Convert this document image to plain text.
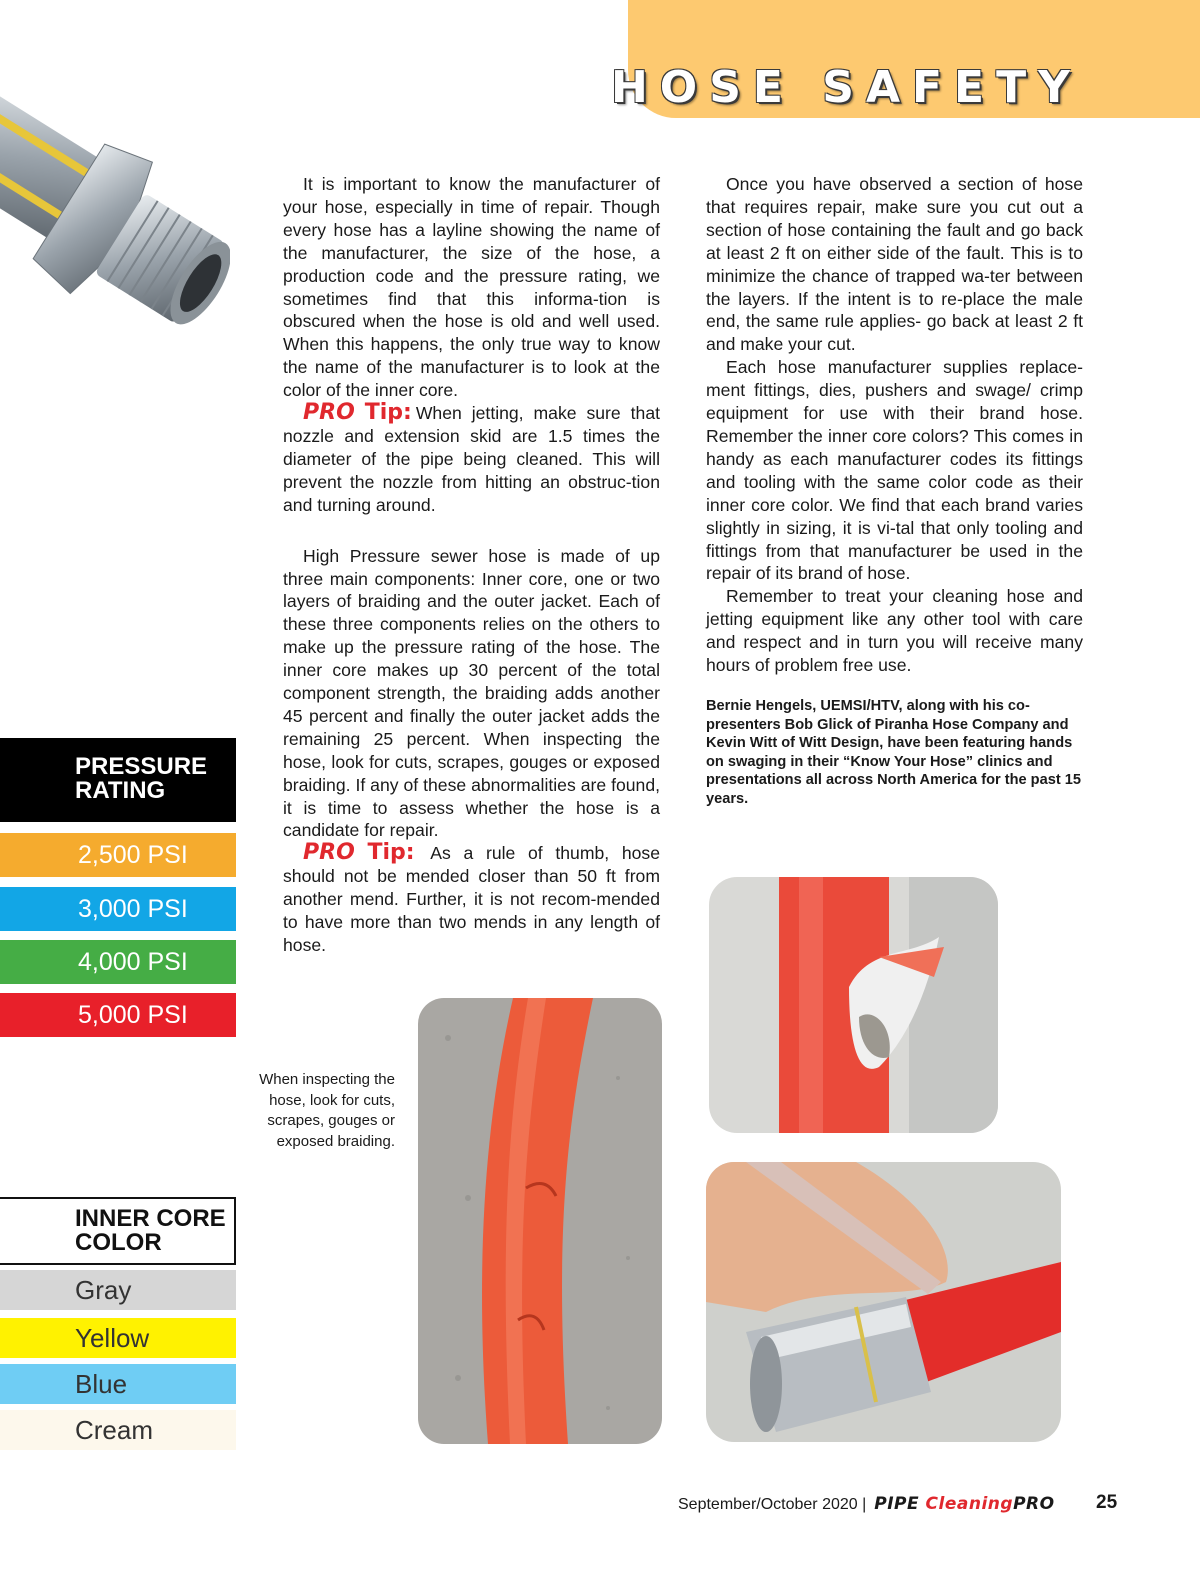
HOSE SAFETY

It is important to know the manufacturer of your hose, especially in time of repair. Though every hose has a layline showing the name of the manufacturer, the size of the hose, a production code and the pressure rating, we sometimes find that this informa-tion is obscured when the hose is old and well used. When this happens, the only true way to know the name of the manufacturer is to look at the color of the inner core.

PRO Tip: When jetting, make sure that nozzle and extension skid are 1.5 times the diameter of the pipe being cleaned. This will prevent the nozzle from hitting an obstruc-tion and turning around.

High Pressure sewer hose is made of up three main components: Inner core, one or two layers of braiding and the outer jacket. Each of these three components relies on the others to make up the pressure rating of the hose. The inner core makes up 30 percent of the total component strength, the braiding adds another 45 percent and finally the outer jacket adds the remaining 25 percent. When inspecting the hose, look for cuts, scrapes, gouges or exposed braiding. If any of these abnormalities are found, it is time to assess whether the hose is a candidate for repair.

PRO Tip: As a rule of thumb, hose should not be mended closer than 50 ft from another mend. Further, it is not recom-mended to have more than two mends in any length of hose.

Once you have observed a section of hose that requires repair, make sure you cut out a section of hose containing the fault and go back at least 2 ft on either side of the fault. This is to minimize the chance of trapped wa-ter between the layers. If the intent is to re-place the male end, the same rule applies- go back at least 2 ft and make your cut.

Each hose manufacturer supplies replace-ment fittings, dies, pushers and swage/ crimp equipment for use with their brand hose. Remember the inner core colors? This comes in handy as each manufacturer codes its fittings and tooling with the same color code as their inner core color. We find that each brand varies slightly in sizing, it is vi-tal that only tooling and fittings from that manufacturer be used in the repair of its brand of hose.

Remember to treat your cleaning hose and jetting equipment like any other tool with care and respect and in turn you will receive many hours of problem free use.

Bernie Hengels, UEMSI/HTV, along with his co-presenters Bob Glick of Piranha Hose Company and Kevin Witt of Witt Design, have been featuring hands on swaging in their “Know Your Hose” clinics and presentations all across North America for the past 15 years.

PRESSURE
RATING
2,500 PSI
3,000 PSI
4,000 PSI
5,000 PSI
INNER CORE
COLOR
Gray
Yellow
Blue
Cream
When inspecting the hose, look for cuts, scrapes, gouges or exposed braiding.
September/October 2020 | PIPE CleaningPRO 25
